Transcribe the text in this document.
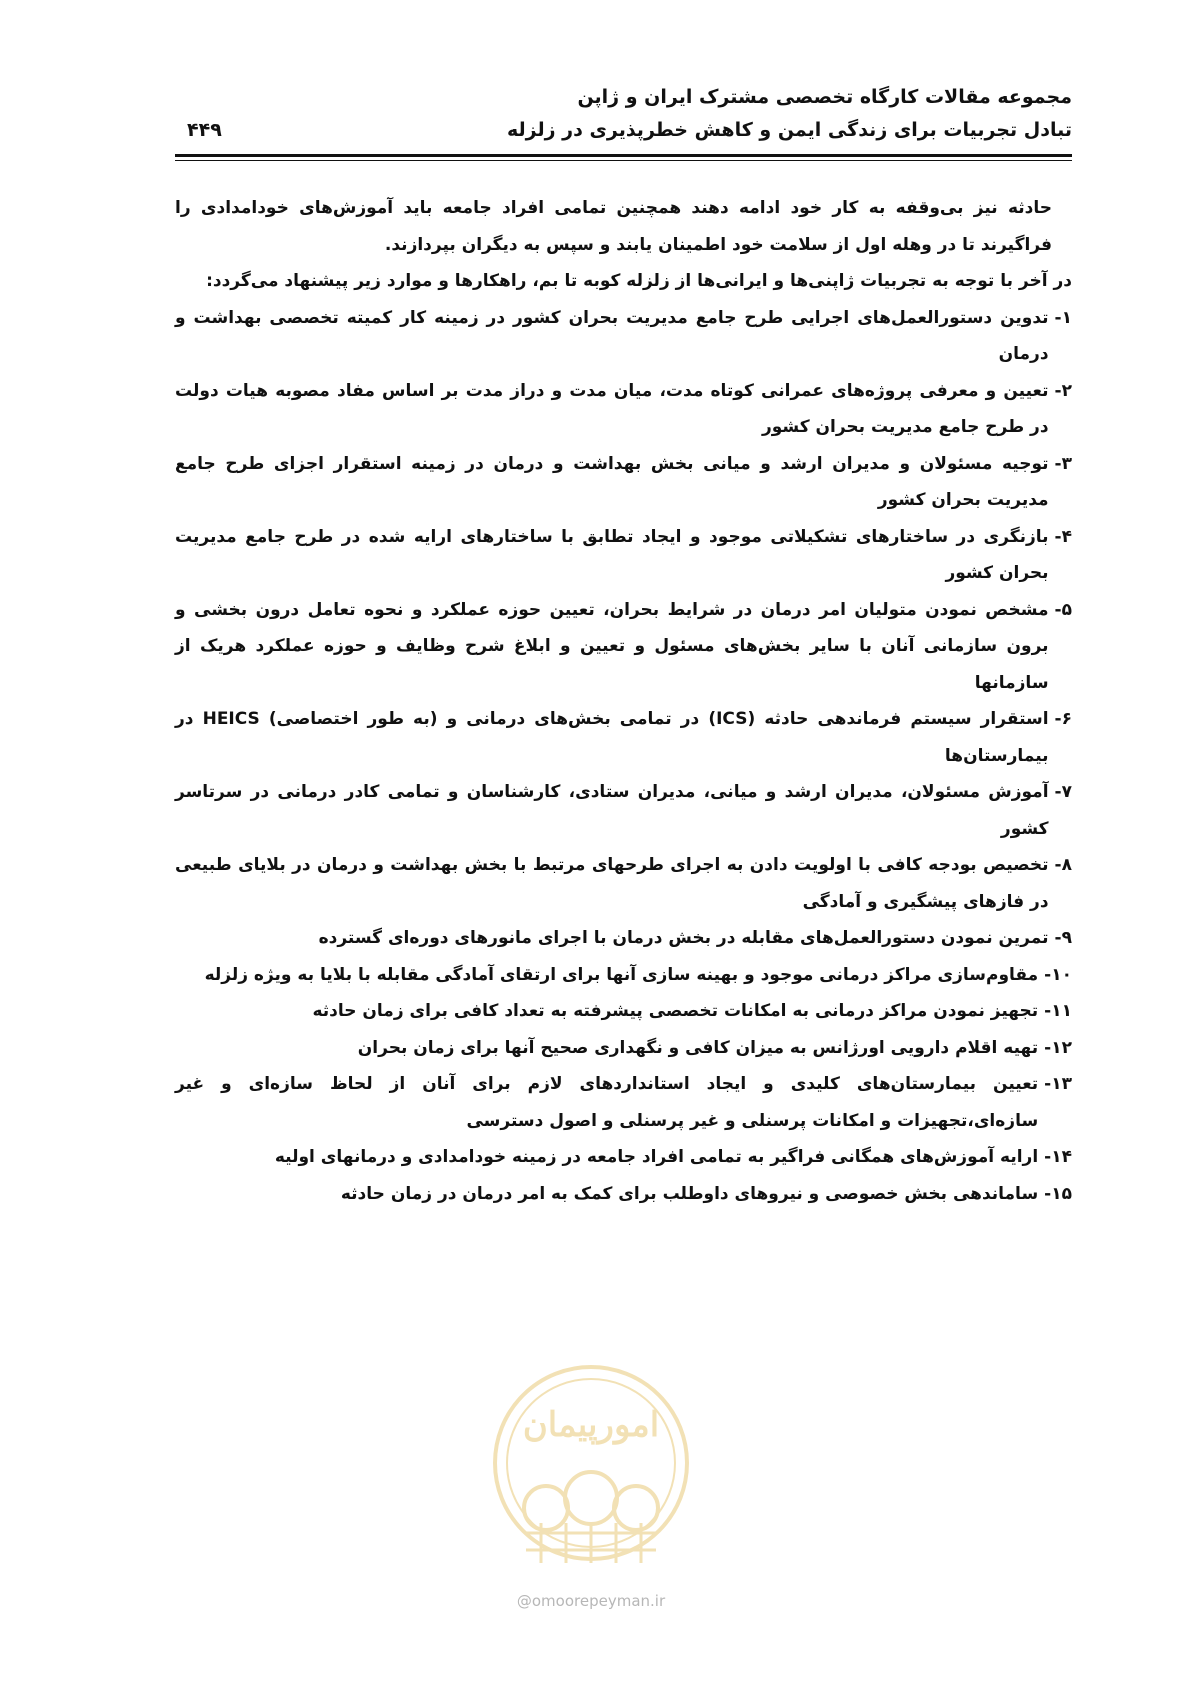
مجموعه مقالات کارگاه تخصصی مشترک ایران و ژاپن
تبادل تجربیات برای زندگی ایمن و کاهش خطرپذیری در زلزله
۴۴۹

حادثه نیز بی‌وقفه به کار خود ادامه دهند همچنین تمامی افراد جامعه باید آموزش‌های خودامدادی را فراگیرند تا در وهله اول از سلامت خود اطمینان یابند و سپس به دیگران بپردازند.

در آخر با توجه به تجربیات ژاپنی‌ها و ایرانی‌ها از زلزله کوبه تا بم، راهکارها و موارد زیر پیشنهاد می‌گردد:

۱-
تدوین دستورالعمل‌های اجرایی طرح جامع مدیریت بحران کشور در زمینه کار کمیته تخصصی بهداشت و درمان
۲-
تعیین و معرفی پروژه‌های عمرانی کوتاه مدت، میان مدت و دراز مدت بر اساس مفاد مصوبه هیات دولت در طرح جامع مدیریت بحران کشور
۳-
توجیه مسئولان و مدیران ارشد و میانی بخش بهداشت و درمان در زمینه استقرار اجزای طرح جامع مدیریت بحران کشور
۴-
بازنگری در ساختارهای تشکیلاتی موجود و ایجاد تطابق با ساختارهای ارایه شده در طرح جامع مدیریت بحران کشور
۵-
مشخص نمودن متولیان امر درمان در شرایط بحران، تعیین حوزه عملکرد و نحوه تعامل درون بخشی و برون سازمانی آنان با سایر بخش‌های مسئول و تعیین و ابلاغ شرح وظایف و حوزه عملکرد هریک از سازمانها
۶-
استقرار سیستم فرماندهی حادثه (ICS) در تمامی بخش‌های درمانی و (به طور اختصاصی) HEICS در بیمارستان‌ها
۷-
آموزش مسئولان، مدیران ارشد و میانی، مدیران ستادی، کارشناسان و تمامی کادر درمانی در سرتاسر کشور
۸-
تخصیص بودجه کافی با اولویت دادن به اجرای طرحهای مرتبط با بخش بهداشت و درمان در بلایای طبیعی در فازهای پیشگیری و آمادگی
۹-
تمرین نمودن دستورالعمل‌های مقابله در بخش درمان با اجرای مانورهای دوره‌ای گسترده
۱۰-
مقاوم‌سازی مراکز درمانی موجود و بهینه سازی آنها برای ارتقای آمادگی مقابله با بلایا به ویژه زلزله
۱۱-
تجهیز نمودن مراکز درمانی به امکانات تخصصی پیشرفته به تعداد کافی برای زمان حادثه
۱۲-
تهیه اقلام دارویی اورژانس به میزان کافی و نگهداری صحیح آنها برای زمان بحران
۱۳-
تعیین بیمارستان‌های کلیدی و ایجاد استانداردهای لازم برای آنان از لحاظ سازه‌ای و غیر سازه‌ای،تجهیزات و امکانات پرسنلی و غیر پرسنلی و اصول دسترسی
۱۴-
ارایه آموزش‌های همگانی فراگیر به تمامی افراد جامعه در زمینه خودامدادی و درمانهای اولیه
۱۵-
ساماندهی بخش خصوصی و نیروهای داوطلب برای کمک به امر درمان در زمان حادثه
امورپیمان
@omoorepeyman.ir
